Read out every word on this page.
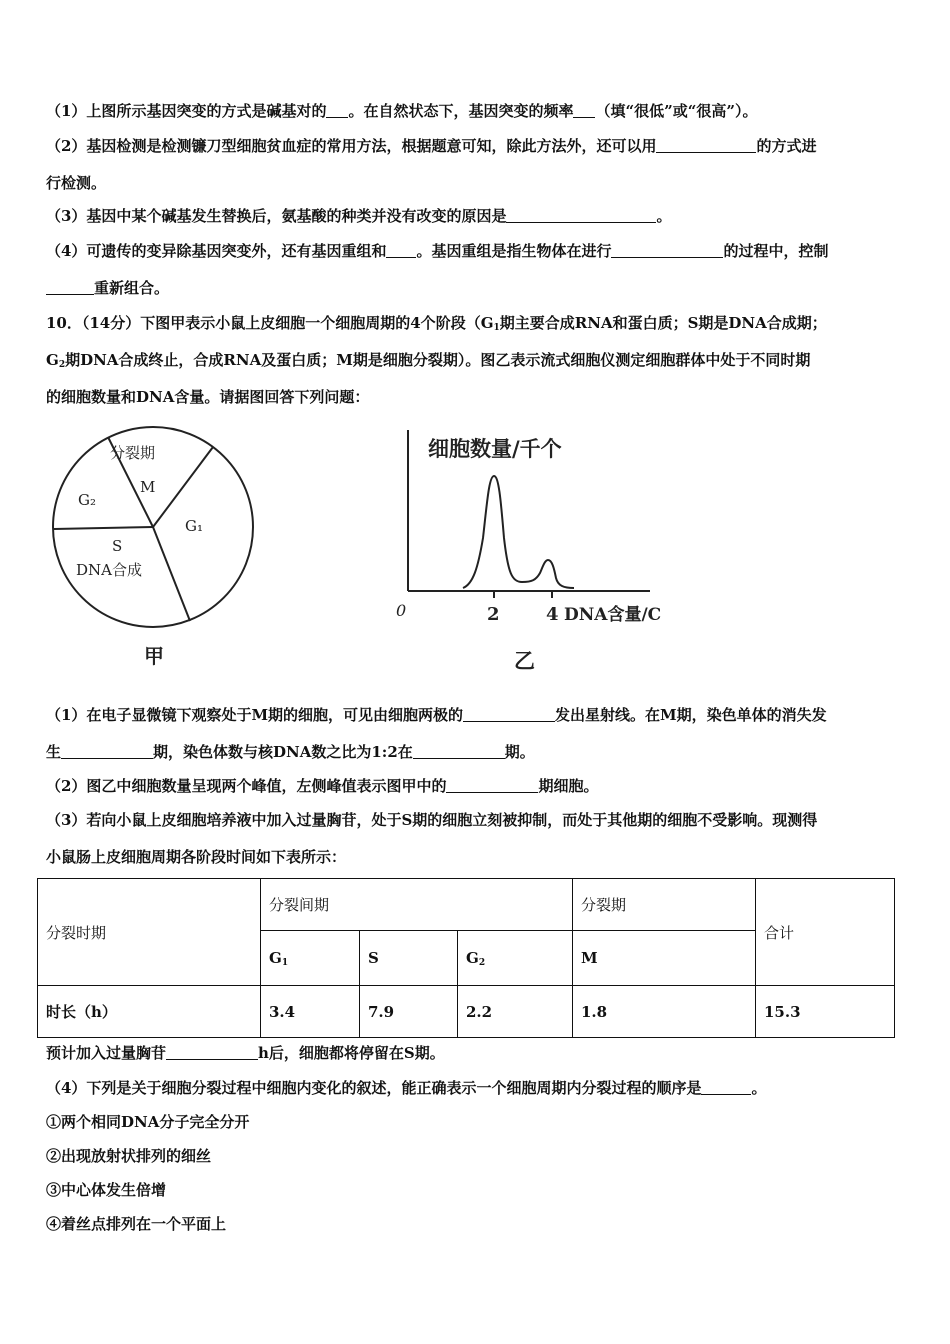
（1）上图所示基因突变的方式是碱基对的 。在自然状态下，基因突变的频率 （填“很低”或“很高”）。
（2）基因检测是检测镰刀型细胞贫血症的常用方法，根据题意可知，除此方法外，还可以用	的方式进
行检测。
（3）基因中某个碱基发生替换后，氨基酸的种类并没有改变的原因是	。
（4）可遗传的变异除基因突变外，还有基因重组和 。基因重组是指生物体在进行	的过程中，控制
重新组合。
10．（14分）下图甲表示小鼠上皮细胞一个细胞周期的4个阶段（$G_1$期主要合成RNA和蛋白质；S期是DNA合成期；
$G_2$期DNA合成终止，合成RNA及蛋白质；M期是细胞分裂期）。图乙表示流式细胞仪测定细胞群体中处于不同时期
的细胞数量和DNA含量。请据图回答下列问题：
分裂期
M
G₂
G₁
S
DNA合成
甲
细胞数量/千个
0	2	4 DNA含量/C
乙
（1）在电子显微镜下观察处于M期的细胞，可见由细胞两极的	发出星射线。在M期，染色单体的消失发
生	期，染色体数与核DNA数之比为1:2在	期。
（2）图乙中细胞数量呈现两个峰值，左侧峰值表示图甲中的	期细胞。
（3）若向小鼠上皮细胞培养液中加入过量胸苷，处于S期的细胞立刻被抑制，而处于其他期的细胞不受影响。现测得
小鼠肠上皮细胞周期各阶段时间如下表所示：
分裂时期	分裂间期			分裂期	合计
	$G_1$	S	$G_2$	M	
时长（h）	3.4	7.9	2.2	1.8	15.3
预计加入过量胸苷	h后，细胞都将停留在S期。
（4）下列是关于细胞分裂过程中细胞内变化的叙述，能正确表示一个细胞周期内分裂过程的顺序是	。
①两个相同DNA分子完全分开
②出现放射状排列的细丝
③中心体发生倍增
④着丝点排列在一个平面上
